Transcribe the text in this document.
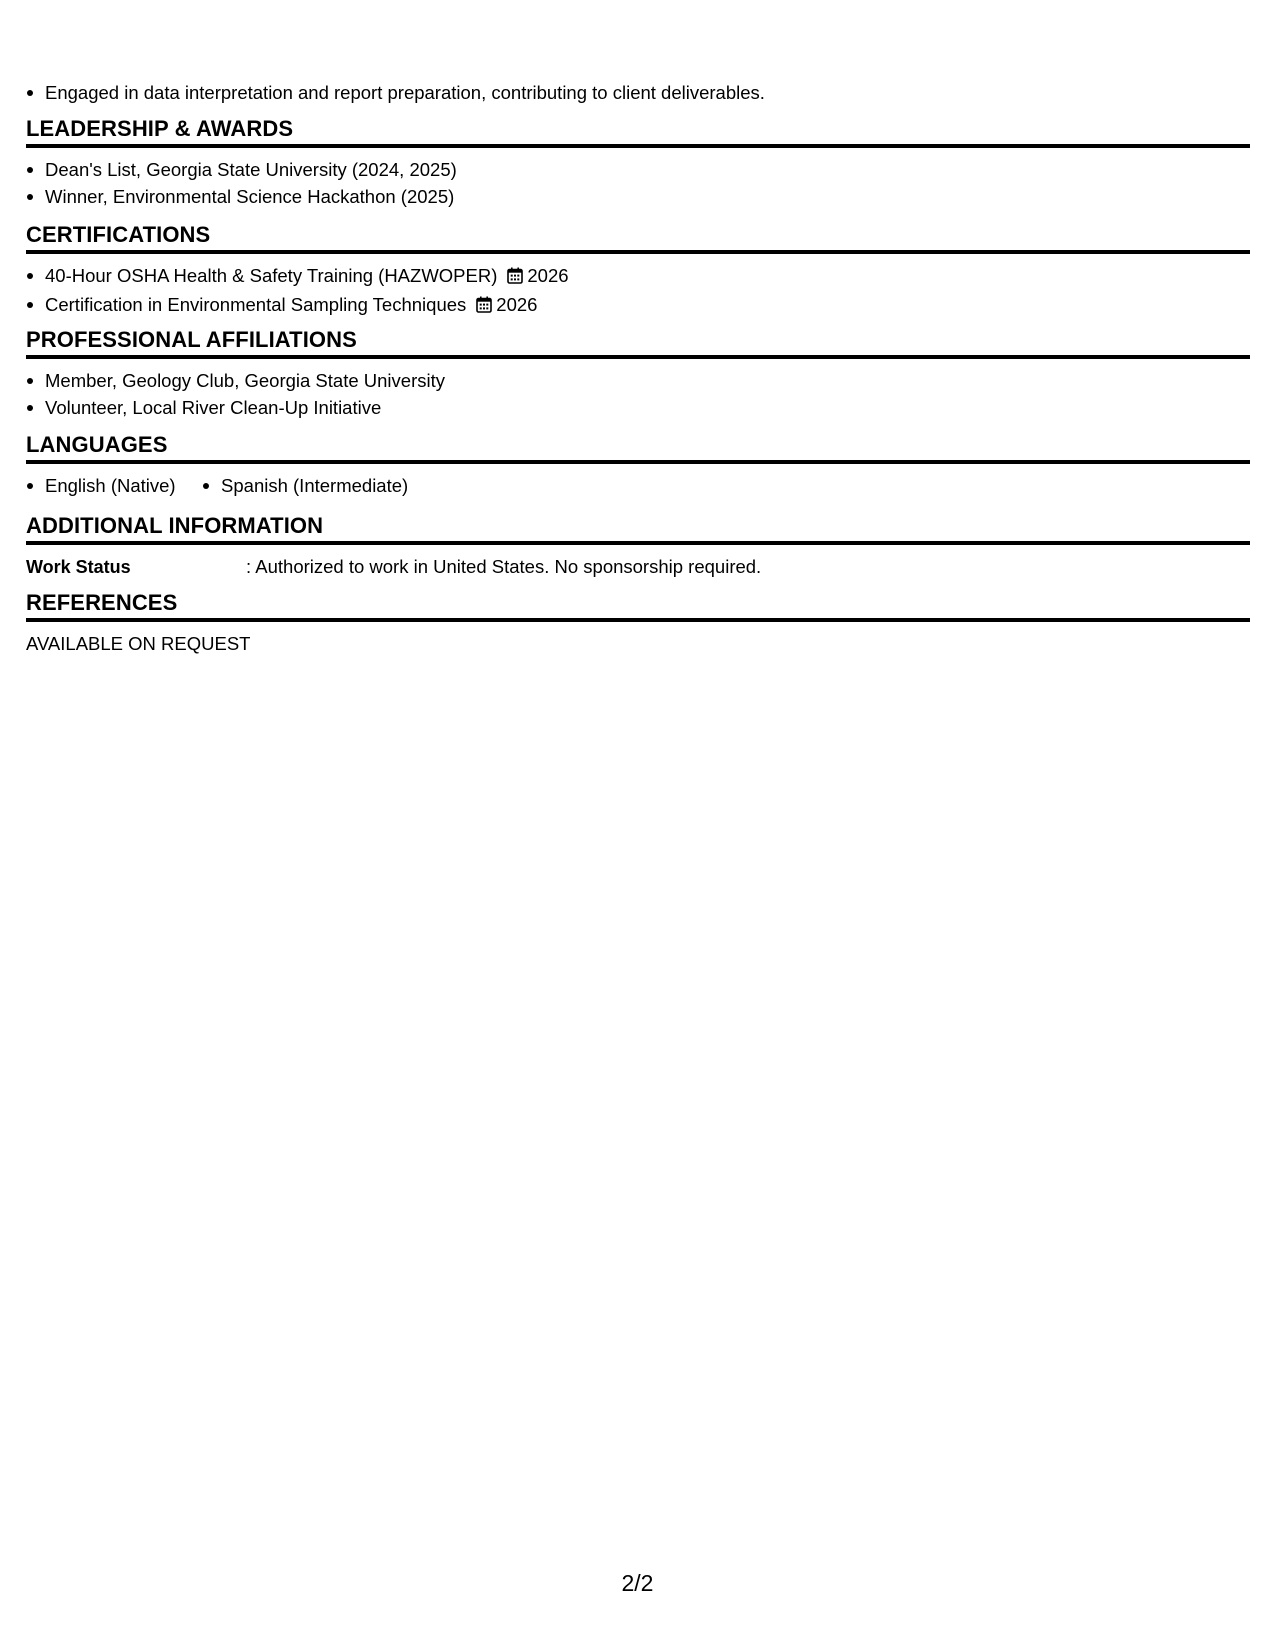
Engaged in data interpretation and report preparation, contributing to client deliverables.
LEADERSHIP & AWARDS
Dean's List, Georgia State University (2024, 2025)
Winner, Environmental Science Hackathon (2025)
CERTIFICATIONS
40-Hour OSHA Health & Safety Training (HAZWOPER) 2026
Certification in Environmental Sampling Techniques 2026
PROFESSIONAL AFFILIATIONS
Member, Geology Club, Georgia State University
Volunteer, Local River Clean-Up Initiative
LANGUAGES
English (Native) Spanish (Intermediate)
ADDITIONAL INFORMATION
Work Status	: Authorized to work in United States. No sponsorship required.
REFERENCES
AVAILABLE ON REQUEST
2/2
